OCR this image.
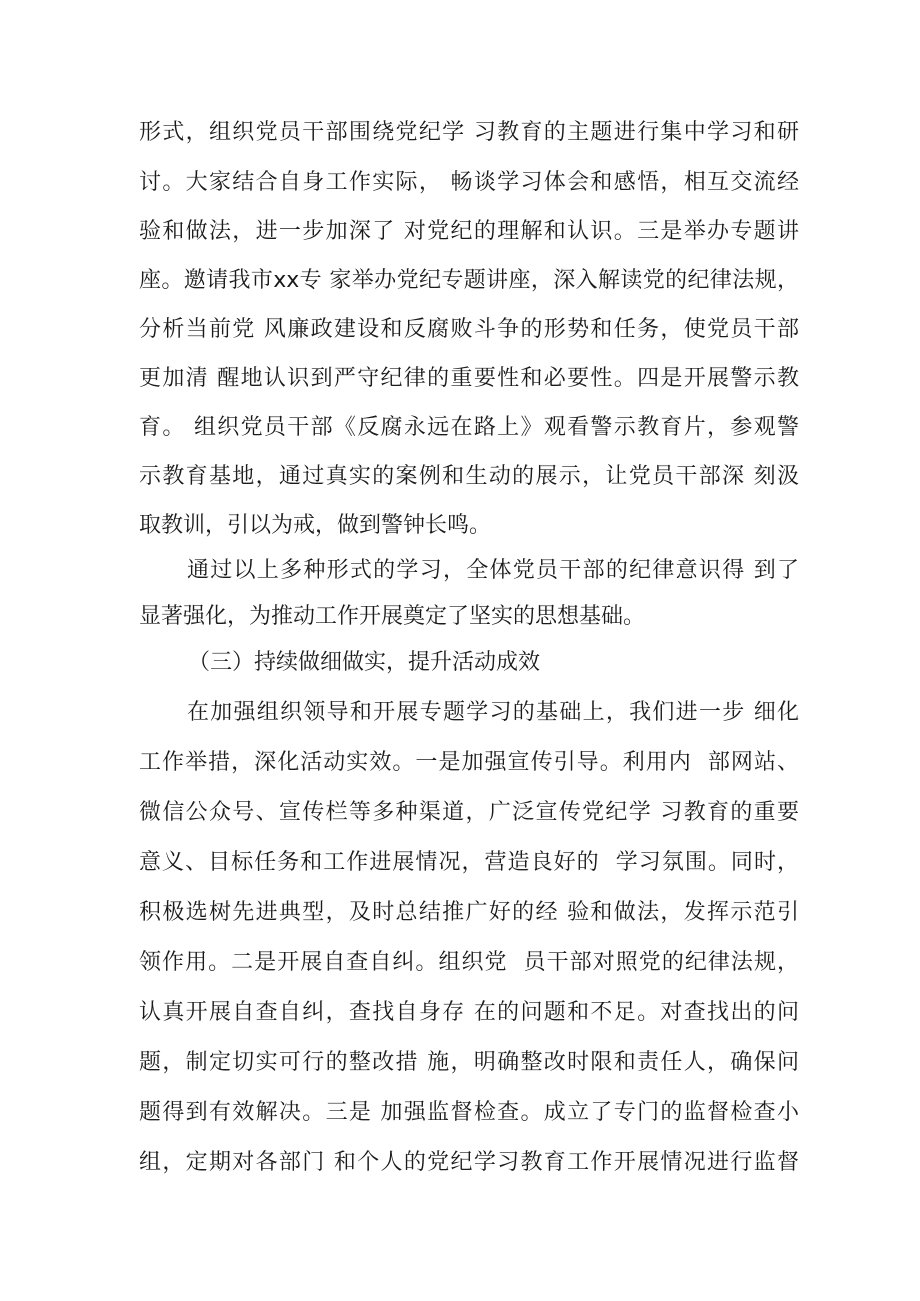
形式，组织党员干部围绕党纪学 习教育的主题进行集中学习和研
讨。大家结合自身工作实际， 畅谈学习体会和感悟，相互交流经
验和做法，进一步加深了 对党纪的理解和认识。三是举办专题讲
座。邀请我市xx专 家举办党纪专题讲座，深入解读党的纪律法规，
分析当前党 风廉政建设和反腐败斗争的形势和任务，使党员干部
更加清 醒地认识到严守纪律的重要性和必要性。四是开展警示教
育。 组织党员干部《反腐永远在路上》观看警示教育片，参观警
示教育基地，通过真实的案例和生动的展示，让党员干部深 刻汲
取教训，引以为戒，做到警钟长鸣。
通过以上多种形式的学习，全体党员干部的纪律意识得 到了
显著强化，为推动工作开展奠定了坚实的思想基础。
（三）持续做细做实，提升活动成效
在加强组织领导和开展专题学习的基础上，我们进一步 细化
工作举措，深化活动实效。一是加强宣传引导。利用内  部网站、
微信公众号、宣传栏等多种渠道，广泛宣传党纪学 习教育的重要
意义、目标任务和工作进展情况，营造良好的  学习氛围。同时，
积极选树先进典型，及时总结推广好的经 验和做法，发挥示范引
领作用。二是开展自查自纠。组织党  员干部对照党的纪律法规，
认真开展自查自纠，查找自身存 在的问题和不足。对查找出的问
题，制定切实可行的整改措 施，明确整改时限和责任人，确保问
题得到有效解决。三是 加强监督检查。成立了专门的监督检查小
组，定期对各部门 和个人的党纪学习教育工作开展情况进行监督
